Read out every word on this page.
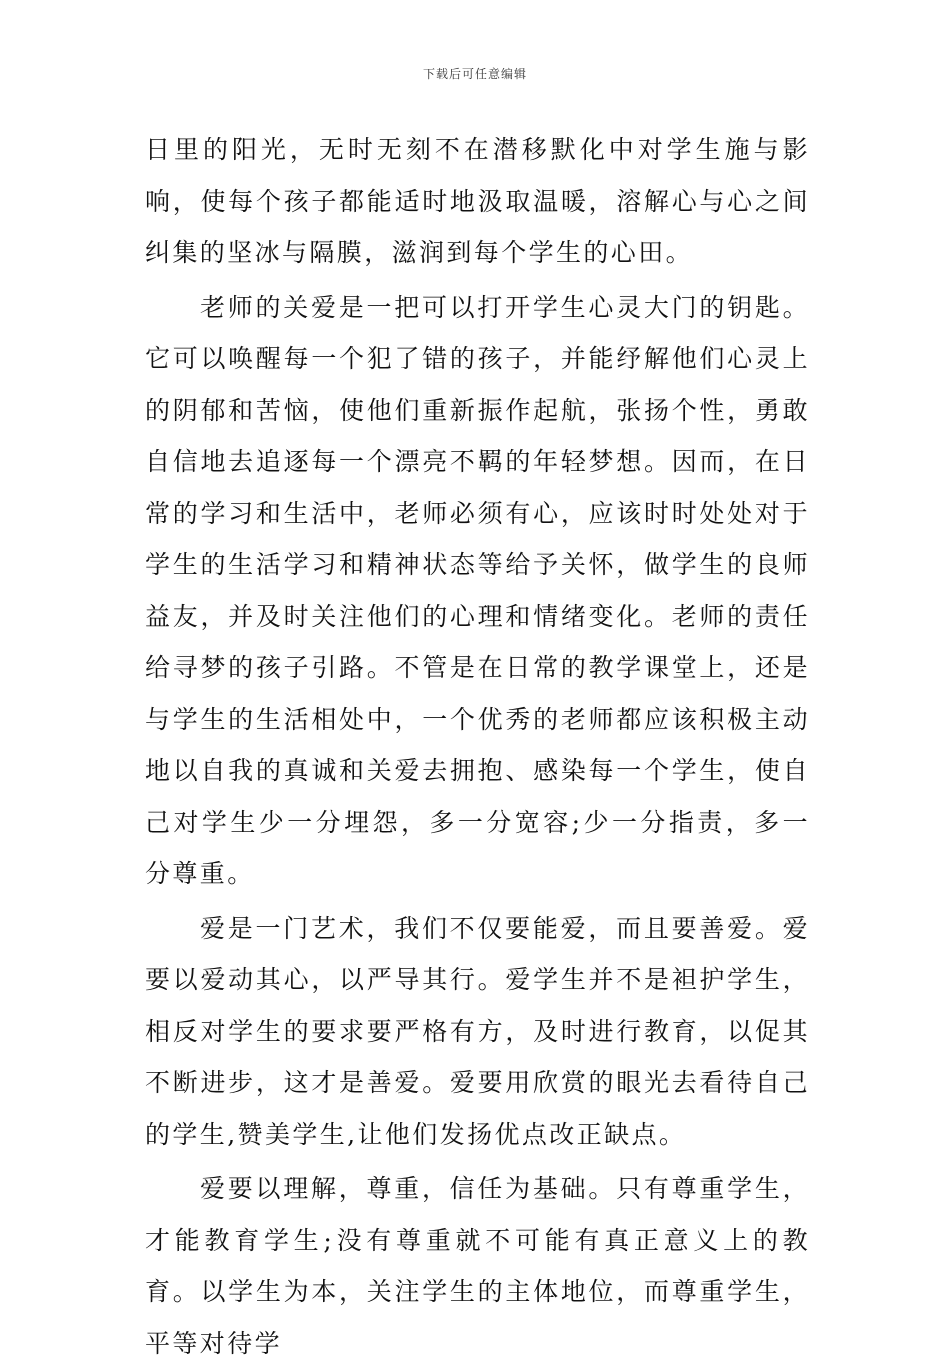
下载后可任意编辑

日里的阳光，无时无刻不在潜移默化中对学生施与影响，使每个孩子都能适时地汲取温暖，溶解心与心之间纠集的坚冰与隔膜，滋润到每个学生的心田。

老师的关爱是一把可以打开学生心灵大门的钥匙。它可以唤醒每一个犯了错的孩子，并能纾解他们心灵上的阴郁和苦恼，使他们重新振作起航，张扬个性，勇敢自信地去追逐每一个漂亮不羁的年轻梦想。因而，在日常的学习和生活中，老师必须有心，应该时时处处对于学生的生活学习和精神状态等给予关怀，做学生的良师益友，并及时关注他们的心理和情绪变化。老师的责任给寻梦的孩子引路。不管是在日常的教学课堂上，还是与学生的生活相处中，一个优秀的老师都应该积极主动地以自我的真诚和关爱去拥抱、感染每一个学生，使自己对学生少一分埋怨，多一分宽容;少一分指责，多一分尊重。

爱是一门艺术，我们不仅要能爱，而且要善爱。爱要以爱动其心，以严导其行。爱学生并不是袒护学生，相反对学生的要求要严格有方，及时进行教育，以促其不断进步，这才是善爱。爱要用欣赏的眼光去看待自己的学生,赞美学生,让他们发扬优点改正缺点。

爱要以理解，尊重，信任为基础。只有尊重学生，才能教育学生;没有尊重就不可能有真正意义上的教育。以学生为本，关注学生的主体地位，而尊重学生，平等对待学
